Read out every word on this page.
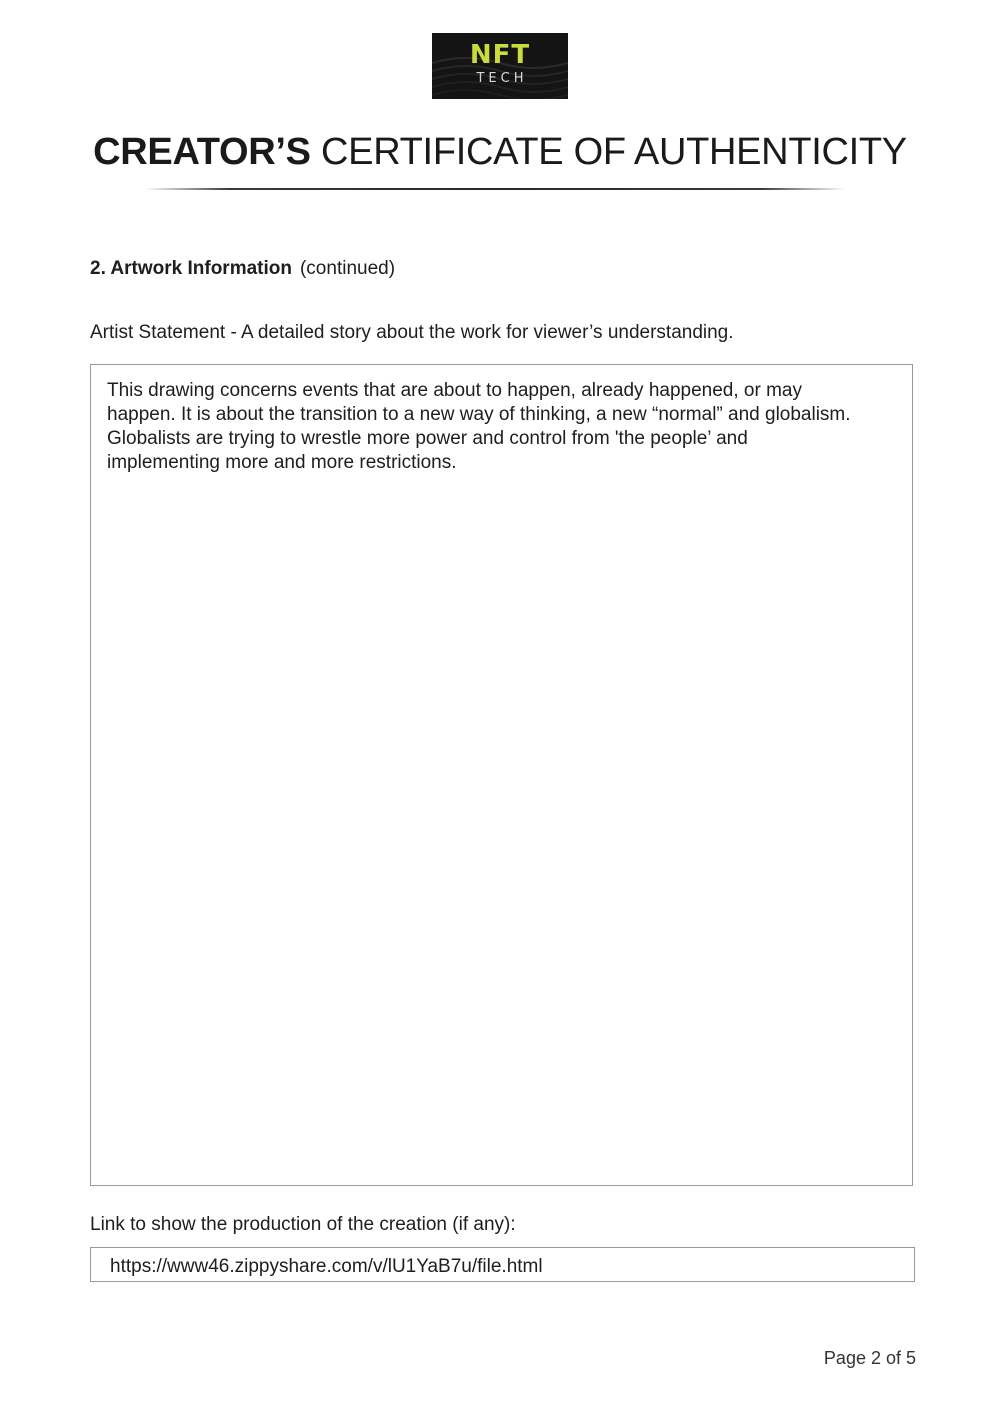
NFT
TECH
CREATOR’S CERTIFICATE OF AUTHENTICITY
2. Artwork Information (continued)
Artist Statement - A detailed story about the work for viewer’s understanding.

This drawing concerns events that are about to happen, already happened, or may happen. It is about the transition to a new way of thinking, a new “normal” and globalism. Globalists are trying to wrestle more power and control from 'the people’ and implementing more and more restrictions.

Link to show the production of the creation (if any):
https://www46.zippyshare.com/v/lU1YaB7u/file.html
Page 2 of 5
